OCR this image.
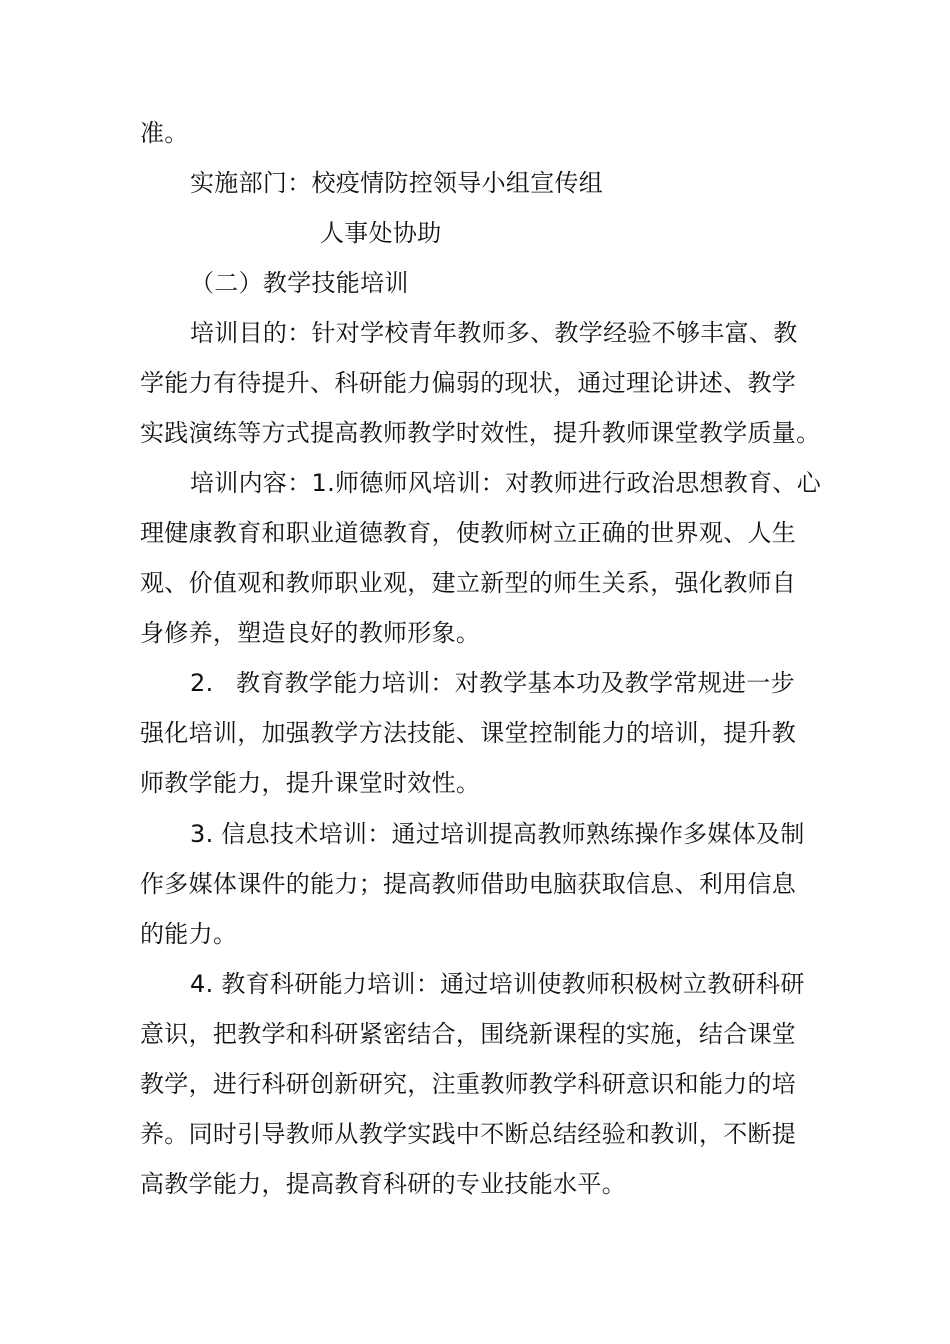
准。
实施部门：校疫情防控领导小组宣传组
人事处协助
（二）教学技能培训
培训目的：针对学校青年教师多、教学经验不够丰富、教
学能力有待提升、科研能力偏弱的现状，通过理论讲述、教学
实践演练等方式提高教师教学时效性，提升教师课堂教学质量。
培训内容：1.师德师风培训：对教师进行政治思想教育、心
理健康教育和职业道德教育，使教师树立正确的世界观、人生
观、价值观和教师职业观，建立新型的师生关系，强化教师自
身修养，塑造良好的教师形象。
2. 教育教学能力培训：对教学基本功及教学常规进一步
强化培训，加强教学方法技能、课堂控制能力的培训，提升教
师教学能力，提升课堂时效性。
3. 信息技术培训：通过培训提高教师熟练操作多媒体及制
作多媒体课件的能力；提高教师借助电脑获取信息、利用信息
的能力。
4. 教育科研能力培训：通过培训使教师积极树立教研科研
意识，把教学和科研紧密结合，围绕新课程的实施，结合课堂
教学，进行科研创新研究，注重教师教学科研意识和能力的培
养。同时引导教师从教学实践中不断总结经验和教训，不断提
高教学能力，提高教育科研的专业技能水平。
